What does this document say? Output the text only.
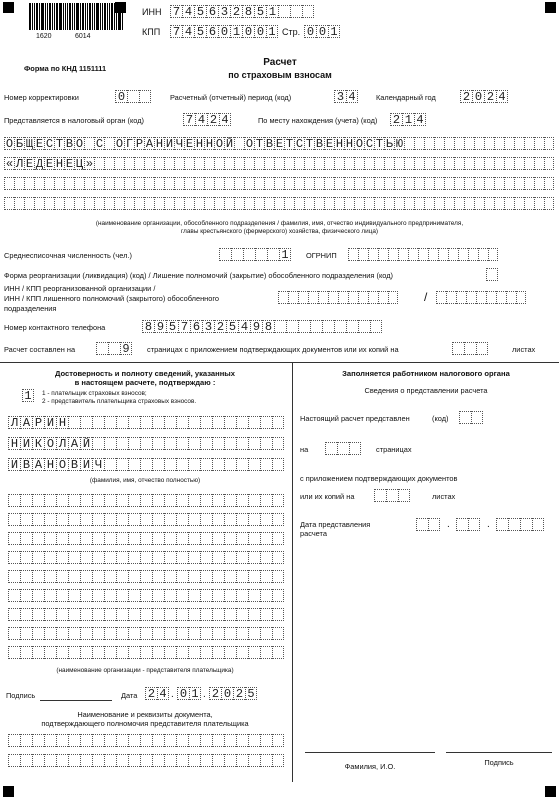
1620	6014
ИНН 7 4 5 6 3 2 8 5 1
КПП 7 4 5 6 0 1 0 0 1 Стр. 0 0 1
Форма по КНД 1151111
Расчет
по страховым взносам
Номер корректировки	0	Расчетный (отчетный) период (код)	3 4	Календарный год 2 0 2 4
Представляется в налоговый орган (код)	7 4 2 4	По месту нахождения (учета) (код) 2 1 4
О Б Щ Е С Т В О С О Г Р А Н И Ч Е Н Н О Й О Т В Е Т С Т В Е Н Н О С Т Ь Ю
« Л Е Д Е Н Е Ц »
(наименование организации, обособленного подразделения / фамилия, имя, отчество индивидуального предпринимателя,
главы крестьянского (фермерского) хозяйства, физического лица)
Среднесписочная численность (чел.)	1	ОГРНИП
Форма реорганизации (ликвидация) (код) / Лишение полномочий (закрытие) обособленного подразделения (код)
ИНН / КПП реорганизованной организации /
ИНН / КПП лишенного полномочий (закрытого) обособленного
подразделения
/
Номер контактного телефона	8 9 5 7 6 3 2 5 4 9 8
Расчет составлен на	9	страницах с приложением подтверждающих документов или их копий на	листах
Достоверность и полноту сведений, указанных
в настоящем расчете, подтверждаю :
1	1 - плательщик страховых взносов;
2 - представитель плательщика страховых взносов.
Л А Р И Н
Н И К О Л А Й
И В А Н О В И Ч
(фамилия, имя, отчество полностью)
(наименование организации - представителя плательщика)
Подпись	Дата 2 4 . 0 1 . 2 0 2 5
Наименование и реквизиты документа,
подтверждающего полномочия представителя плательщика
Заполняется работником налогового органа
Сведения о представлении расчета
Настоящий расчет представлен	(код)
на	страницах
с приложением подтверждающих документов
или их копий на	листах
Дата представления
расчета
.	.
Фамилия, И.О.	Подпись
